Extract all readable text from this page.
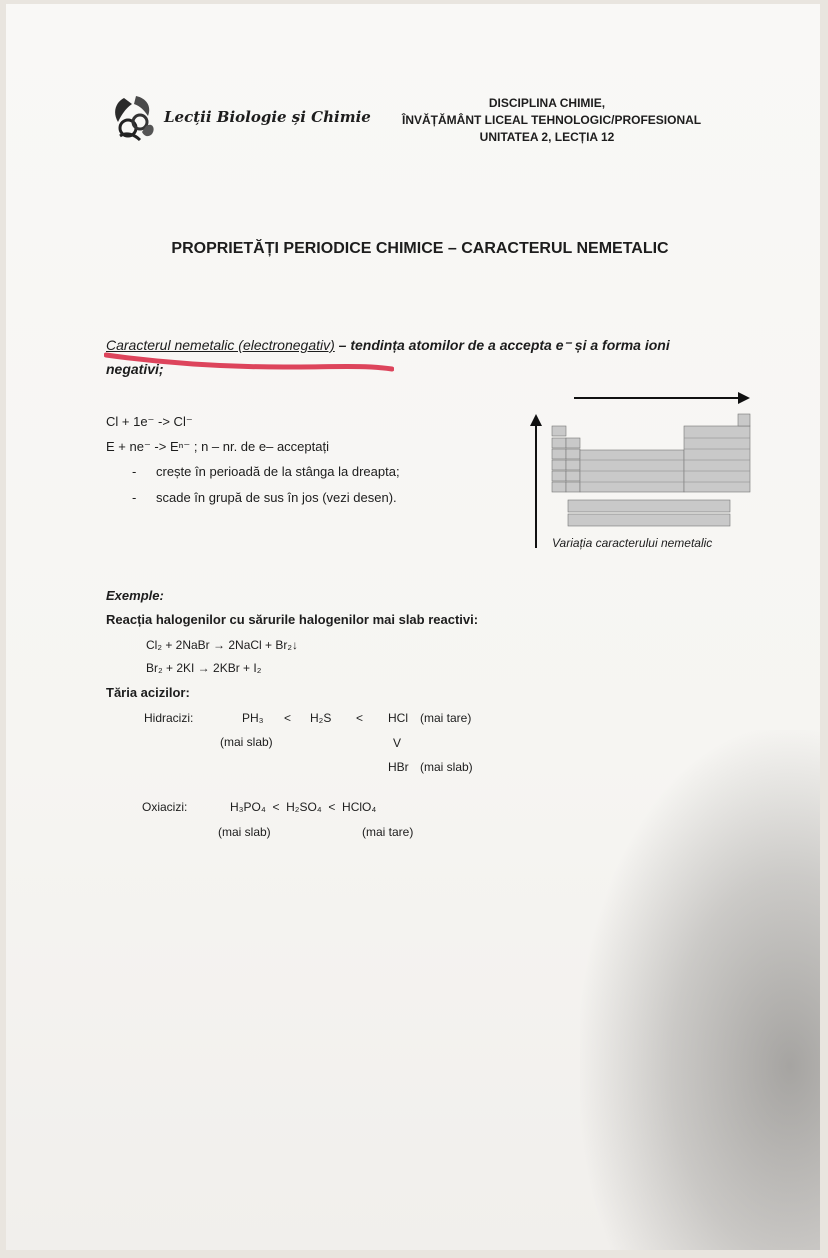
Lecții Biologie și Chimie
DISCIPLINA CHIMIE,
ÎNVĂȚĂMÂNT LICEAL TEHNOLOGIC/PROFESIONAL
UNITATEA 2, LECȚIA 12
PROPRIETĂȚI PERIODICE CHIMICE – CARACTERUL NEMETALIC
Caracterul nemetalic (electronegativ) – tendința atomilor de a accepta e⁻ și a forma ioni
negativi;
Cl + 1e⁻ -> Cl⁻
E + ne⁻ -> Eⁿ⁻ ; n – nr. de e– acceptați
- crește în perioadă de la stânga la dreapta;
- scade în grupă de sus în jos (vezi desen).
Variația caracterului nemetalic
Exemple:
Reacția halogenilor cu sărurile halogenilor mai slab reactivi:
Cl₂ + 2NaBr → 2NaCl + Br₂↓
Br₂ + 2KI → 2KBr + I₂
Tăria acizilor:
Hidracizi:	PH₃ < H₂S < HCl (mai tare)
(mai slab)	V
HBr (mai slab)
Oxiacizi:	H₃PO₄  <  H₂SO₄  <  HClO₄
(mai slab)	(mai tare)
